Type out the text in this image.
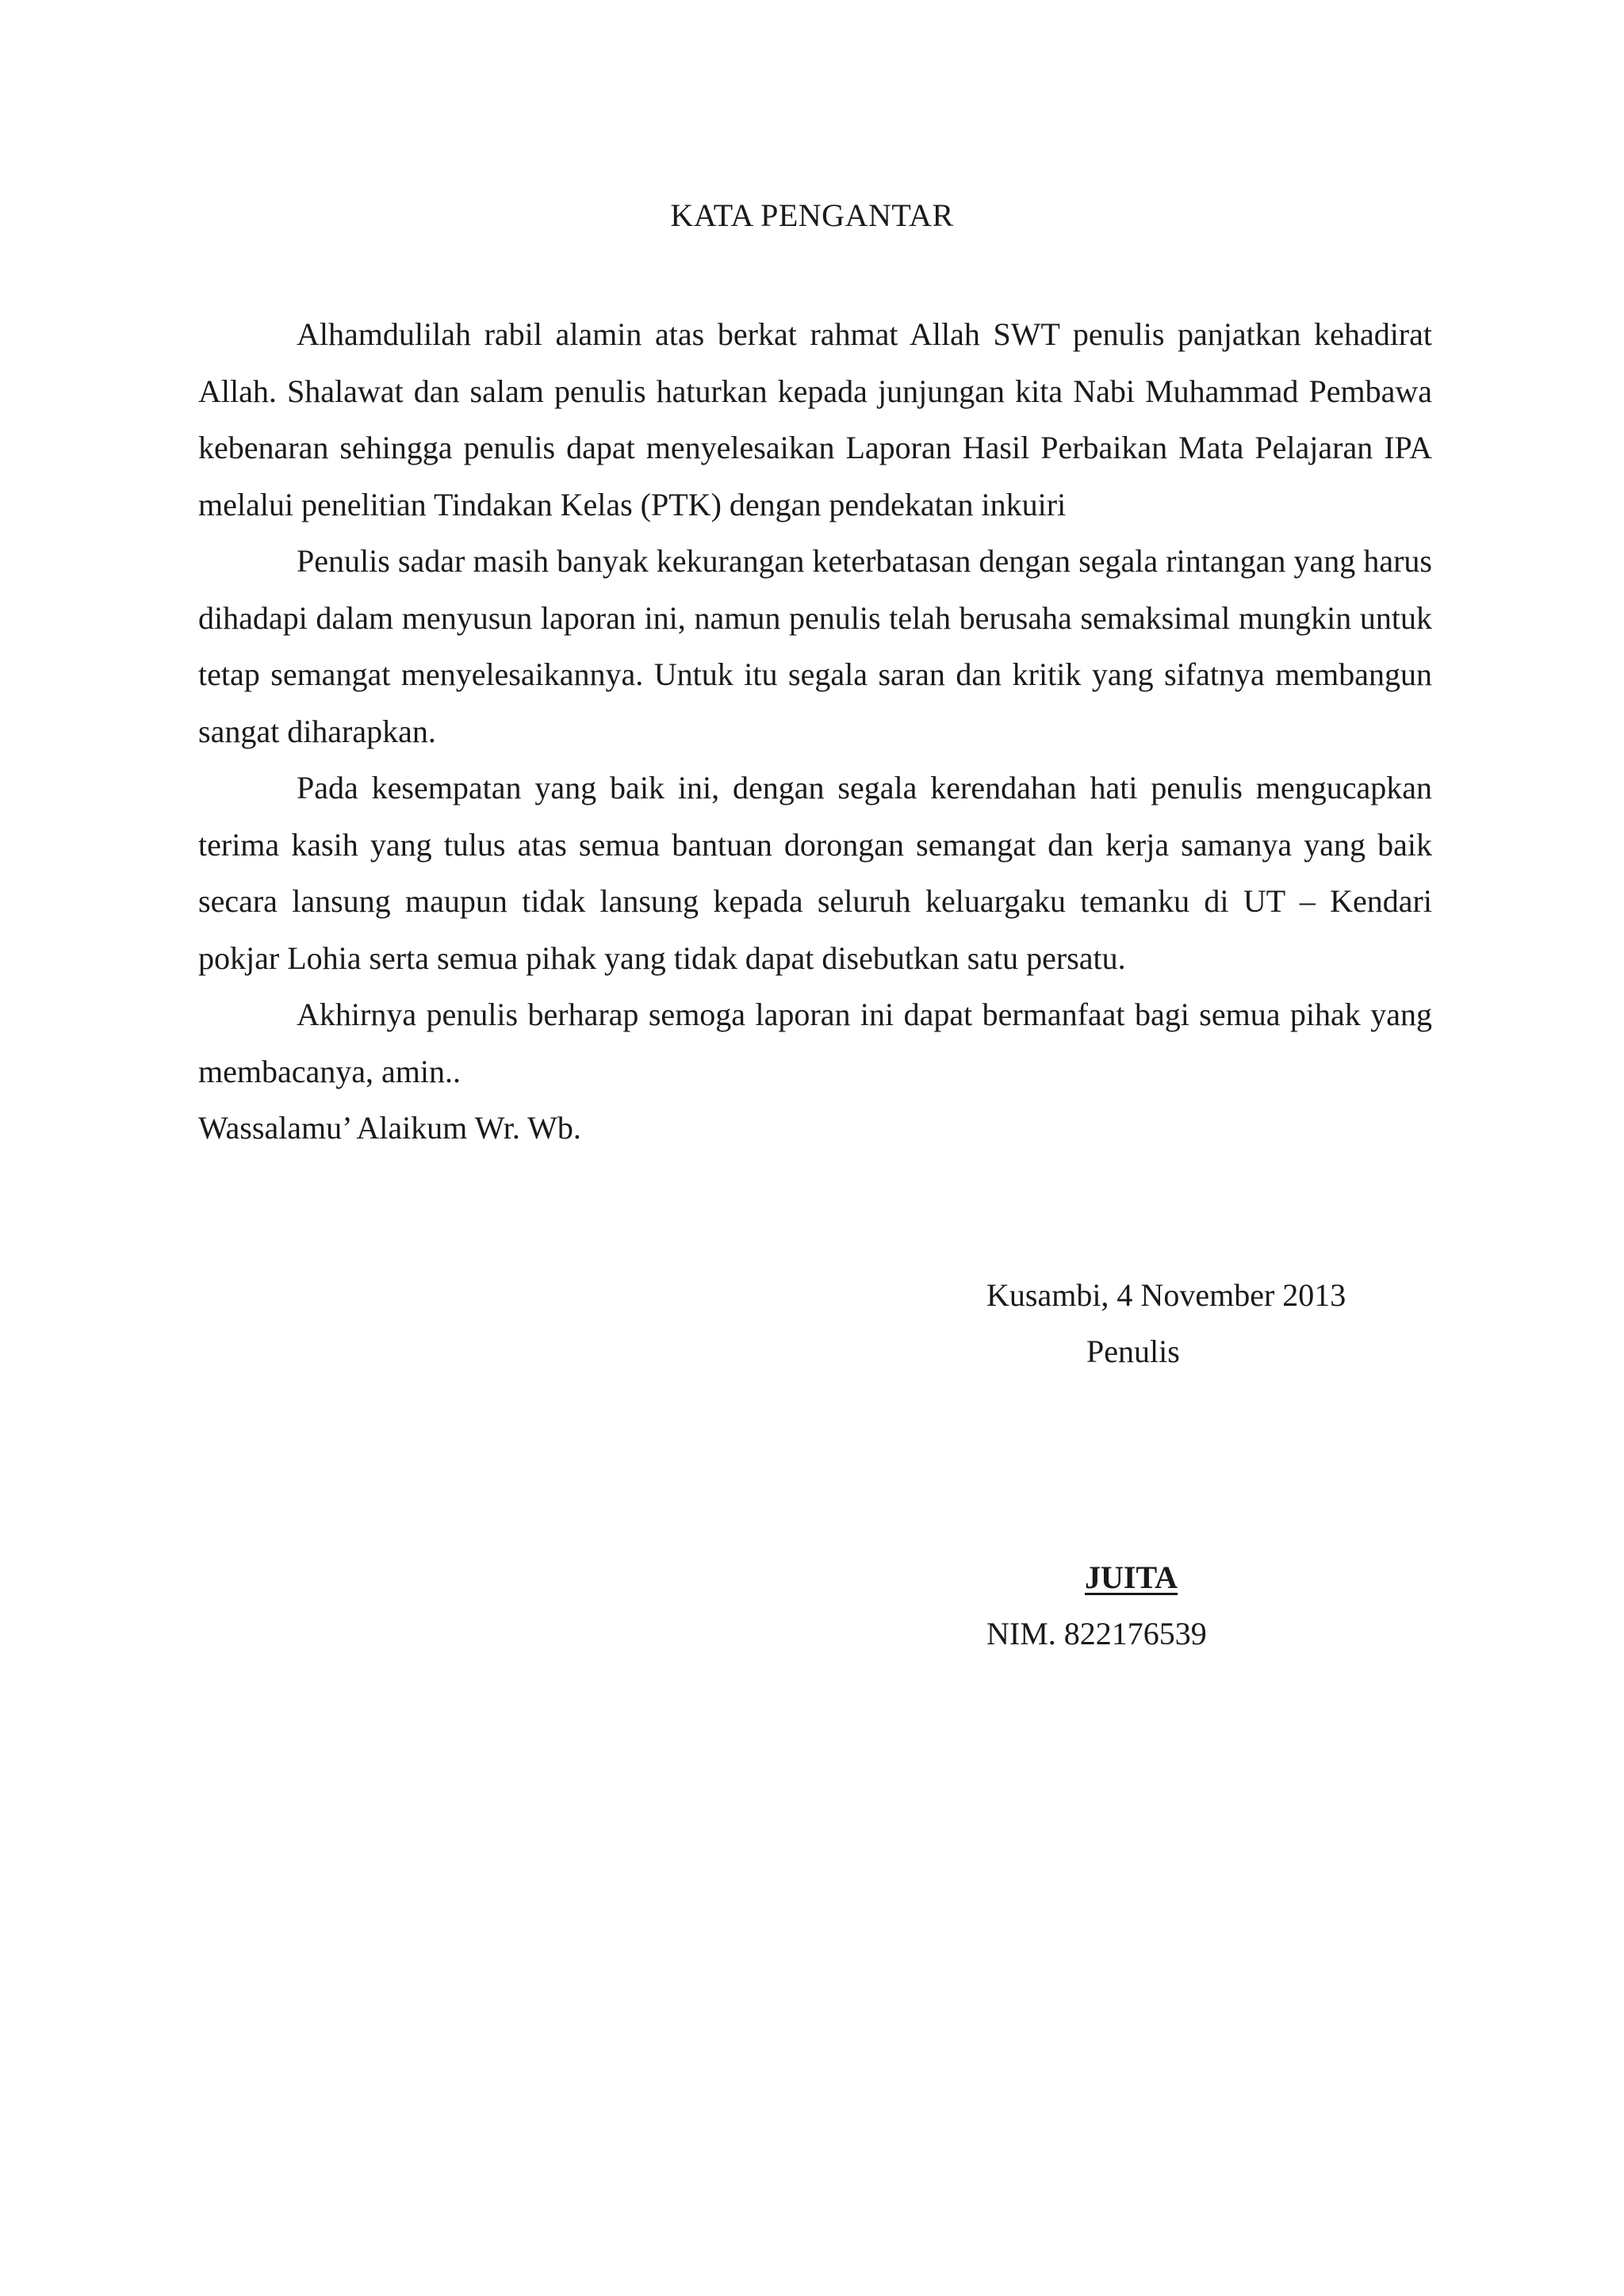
KATA PENGANTAR

Alhamdulilah rabil alamin atas berkat rahmat Allah SWT penulis panjatkan kehadirat Allah. Shalawat dan salam penulis haturkan kepada junjungan kita Nabi Muhammad Pembawa kebenaran sehingga penulis dapat menyelesaikan Laporan Hasil Perbaikan Mata Pelajaran IPA melalui penelitian Tindakan Kelas (PTK) dengan pendekatan inkuiri

Penulis sadar masih banyak kekurangan keterbatasan dengan segala rintangan yang harus dihadapi dalam menyusun laporan ini, namun penulis telah berusaha semaksimal mungkin untuk tetap semangat menyelesaikannya. Untuk itu segala saran dan kritik yang sifatnya membangun sangat diharapkan.

Pada kesempatan yang baik ini, dengan segala kerendahan hati penulis mengucapkan terima kasih yang tulus atas semua bantuan dorongan semangat dan kerja samanya yang baik secara lansung maupun tidak lansung kepada seluruh keluargaku temanku di UT – Kendari pokjar Lohia serta semua pihak yang tidak dapat disebutkan satu persatu.

Akhirnya penulis berharap semoga laporan ini dapat bermanfaat bagi semua pihak yang membacanya, amin..

Wassalamu’ Alaikum Wr. Wb.

Kusambi, 4 November 2013
Penulis
JUITA
NIM. 822176539
